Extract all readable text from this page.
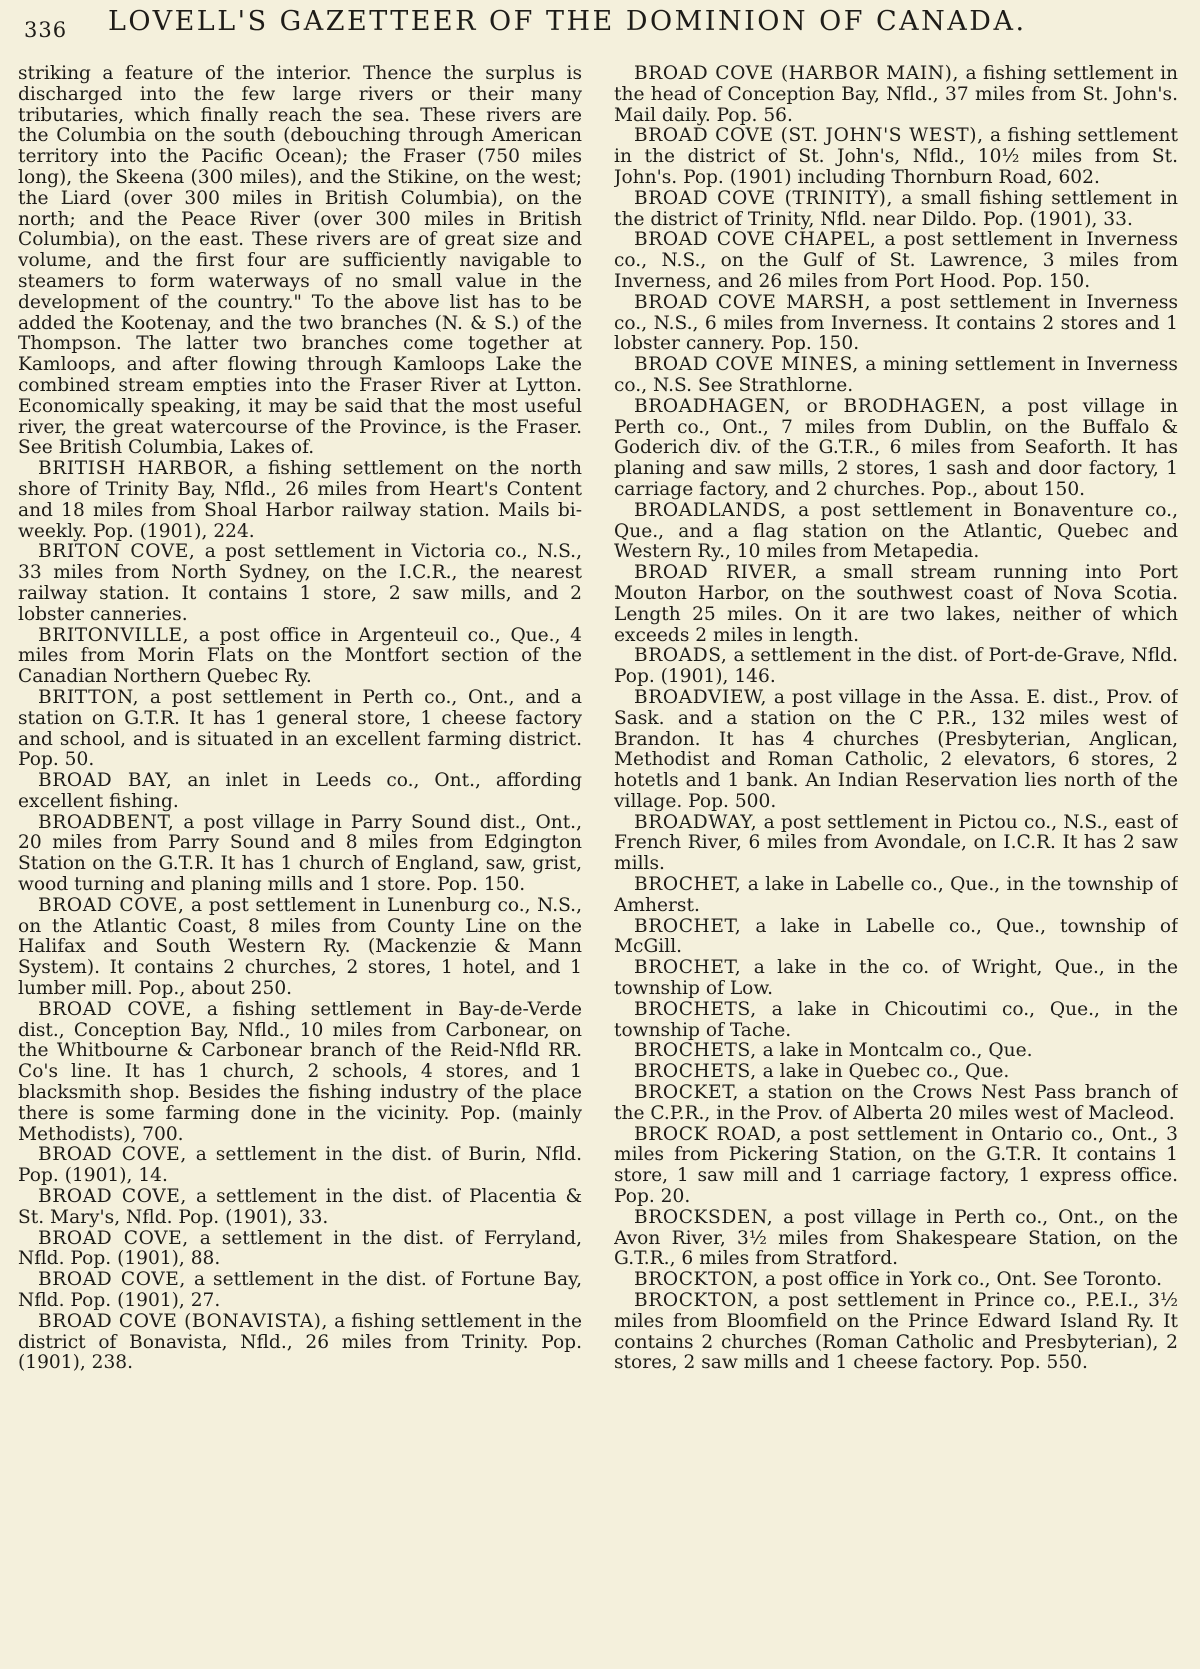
336 LOVELL'S GAZETTEER OF THE DOMINION OF CANADA.

striking a feature of the interior. Thence the surplus is discharged into the few large rivers or their many tributaries, which finally reach the sea. These rivers are the Columbia on the south (debouching through American territory into the Pacific Ocean); the Fraser (750 miles long), the Skeena (300 miles), and the Stikine, on the west; the Liard (over 300 miles in British Columbia), on the north; and the Peace River (over 300 miles in British Columbia), on the east. These rivers are of great size and volume, and the first four are sufficiently navigable to steamers to form waterways of no small value in the development of the country." To the above list has to be added the Kootenay, and the two branches (N. & S.) of the Thompson. The latter two branches come together at Kamloops, and after flowing through Kamloops Lake the combined stream empties into the Fraser River at Lytton. Economically speaking, it may be said that the most useful river, the great watercourse of the Province, is the Fraser. See British Columbia, Lakes of.

BRITISH HARBOR, a fishing settlement on the north shore of Trinity Bay, Nfld., 26 miles from Heart's Content and 18 miles from Shoal Harbor railway station. Mails bi-weekly. Pop. (1901), 224.

BRITON COVE, a post settlement in Victoria co., N.S., 33 miles from North Sydney, on the I.C.R., the nearest railway station. It contains 1 store, 2 saw mills, and 2 lobster canneries.

BRITONVILLE, a post office in Argenteuil co., Que., 4 miles from Morin Flats on the Montfort section of the Canadian Northern Quebec Ry.

BRITTON, a post settlement in Perth co., Ont., and a station on G.T.R. It has 1 general store, 1 cheese factory and school, and is situated in an excellent farming district. Pop. 50.

BROAD BAY, an inlet in Leeds co., Ont., affording excellent fishing.

BROADBENT, a post village in Parry Sound dist., Ont., 20 miles from Parry Sound and 8 miles from Edgington Station on the G.T.R. It has 1 church of England, saw, grist, wood turning and planing mills and 1 store. Pop. 150.

BROAD COVE, a post settlement in Lunenburg co., N.S., on the Atlantic Coast, 8 miles from County Line on the Halifax and South Western Ry. (Mackenzie & Mann System). It contains 2 churches, 2 stores, 1 hotel, and 1 lumber mill. Pop., about 250.

BROAD COVE, a fishing settlement in Bay-de-Verde dist., Conception Bay, Nfld., 10 miles from Carbonear, on the Whitbourne & Carbonear branch of the Reid-Nfld RR. Co's line. It has 1 church, 2 schools, 4 stores, and 1 blacksmith shop. Besides the fishing industry of the place there is some farming done in the vicinity. Pop. (mainly Methodists), 700.

BROAD COVE, a settlement in the dist. of Burin, Nfld. Pop. (1901), 14.

BROAD COVE, a settlement in the dist. of Placentia & St. Mary's, Nfld. Pop. (1901), 33.

BROAD COVE, a settlement in the dist. of Ferryland, Nfld. Pop. (1901), 88.

BROAD COVE, a settlement in the dist. of Fortune Bay, Nfld. Pop. (1901), 27.

BROAD COVE (BONAVISTA), a fishing settlement in the district of Bonavista, Nfld., 26 miles from Trinity. Pop. (1901), 238.

BROAD COVE (HARBOR MAIN), a fishing settlement in the head of Conception Bay, Nfld., 37 miles from St. John's. Mail daily. Pop. 56.

BROAD COVE (ST. JOHN'S WEST), a fishing settlement in the district of St. John's, Nfld., 10½ miles from St. John's. Pop. (1901) including Thornburn Road, 602.

BROAD COVE (TRINITY), a small fishing settlement in the district of Trinity, Nfld. near Dildo. Pop. (1901), 33.

BROAD COVE CHAPEL, a post settlement in Inverness co., N.S., on the Gulf of St. Lawrence, 3 miles from Inverness, and 26 miles from Port Hood. Pop. 150.

BROAD COVE MARSH, a post settlement in Inverness co., N.S., 6 miles from Inverness. It contains 2 stores and 1 lobster cannery. Pop. 150.

BROAD COVE MINES, a mining settlement in Inverness co., N.S. See Strathlorne.

BROADHAGEN, or BRODHAGEN, a post village in Perth co., Ont., 7 miles from Dublin, on the Buffalo & Goderich div. of the G.T.R., 6 miles from Seaforth. It has planing and saw mills, 2 stores, 1 sash and door factory, 1 carriage factory, and 2 churches. Pop., about 150.

BROADLANDS, a post settlement in Bonaventure co., Que., and a flag station on the Atlantic, Quebec and Western Ry., 10 miles from Metapedia.

BROAD RIVER, a small stream running into Port Mouton Harbor, on the southwest coast of Nova Scotia. Length 25 miles. On it are two lakes, neither of which exceeds 2 miles in length.

BROADS, a settlement in the dist. of Port-de-Grave, Nfld. Pop. (1901), 146.

BROADVIEW, a post village in the Assa. E. dist., Prov. of Sask. and a station on the C P.R., 132 miles west of Brandon. It has 4 churches (Presbyterian, Anglican, Methodist and Roman Catholic, 2 elevators, 6 stores, 2 hotetls and 1 bank. An Indian Reservation lies north of the village. Pop. 500.

BROADWAY, a post settlement in Pictou co., N.S., east of French River, 6 miles from Avondale, on I.C.R. It has 2 saw mills.

BROCHET, a lake in Labelle co., Que., in the township of Amherst.

BROCHET, a lake in Labelle co., Que., township of McGill.

BROCHET, a lake in the co. of Wright, Que., in the township of Low.

BROCHETS, a lake in Chicoutimi co., Que., in the township of Tache.

BROCHETS, a lake in Montcalm co., Que.

BROCHETS, a lake in Quebec co., Que.

BROCKET, a station on the Crows Nest Pass branch of the C.P.R., in the Prov. of Alberta 20 miles west of Macleod.

BROCK ROAD, a post settlement in Ontario co., Ont., 3 miles from Pickering Station, on the G.T.R. It contains 1 store, 1 saw mill and 1 carriage factory, 1 express office. Pop. 20.

BROCKSDEN, a post village in Perth co., Ont., on the Avon River, 3½ miles from Shakespeare Station, on the G.T.R., 6 miles from Stratford.

BROCKTON, a post office in York co., Ont. See Toronto.

BROCKTON, a post settlement in Prince co., P.E.I., 3½ miles from Bloomfield on the Prince Edward Island Ry. It contains 2 churches (Roman Catholic and Presbyterian), 2 stores, 2 saw mills and 1 cheese factory. Pop. 550.
